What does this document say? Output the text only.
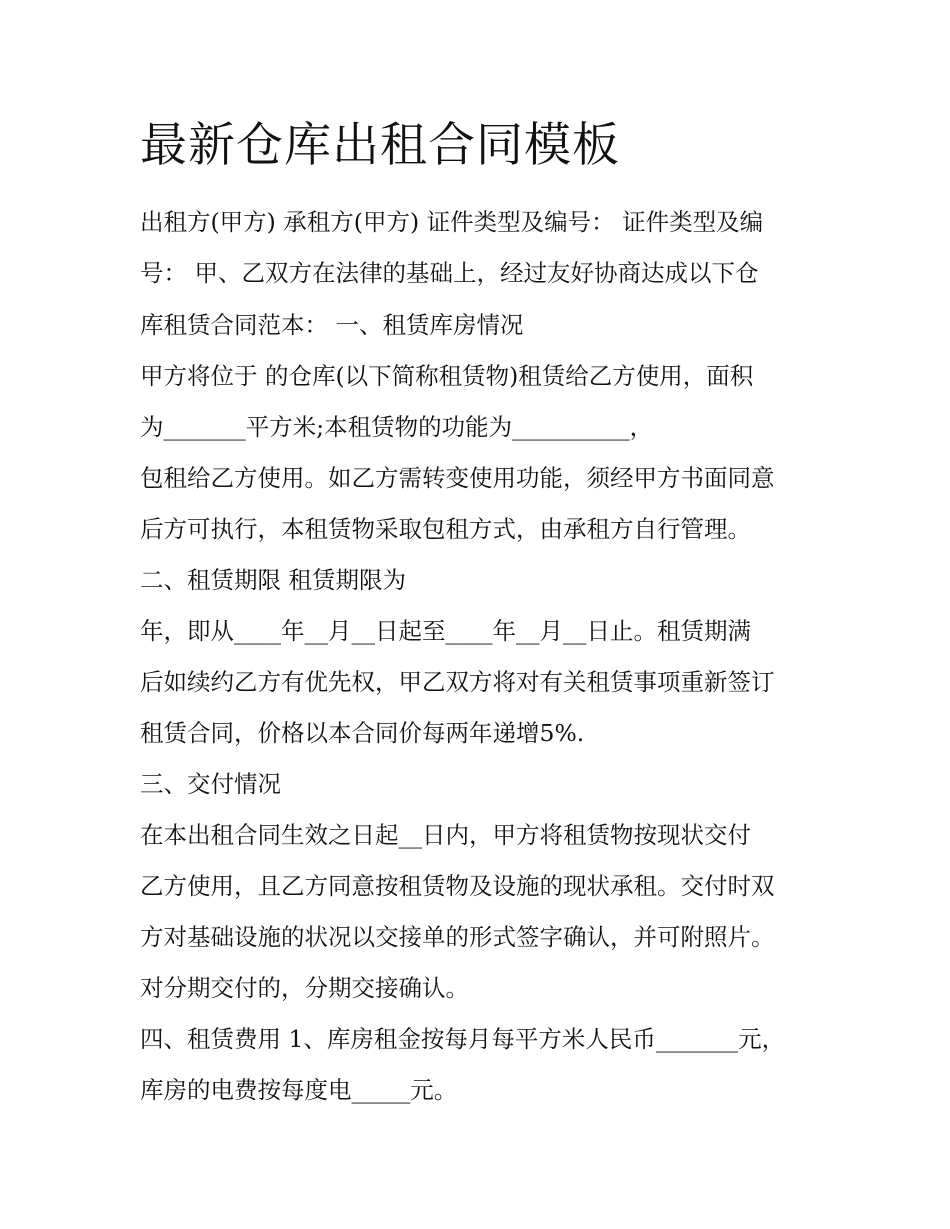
最新仓库出租合同模板
出租方(甲方) 承租方(甲方) 证件类型及编号： 证件类型及编
号： 甲、乙双方在法律的基础上，经过友好协商达成以下仓
库租赁合同范本： 一、租赁库房情况
甲方将位于 的仓库(以下简称租赁物)租赁给乙方使用，面积
为_______平方米;本租赁物的功能为__________，
包租给乙方使用。如乙方需转变使用功能，须经甲方书面同意
后方可执行，本租赁物采取包租方式，由承租方自行管理。
二、租赁期限 租赁期限为
年，即从____年__月__日起至____年__月__日止。租赁期满
后如续约乙方有优先权，甲乙双方将对有关租赁事项重新签订
租赁合同，价格以本合同价每两年递增5%.
三、交付情况
在本出租合同生效之日起__日内，甲方将租赁物按现状交付
乙方使用，且乙方同意按租赁物及设施的现状承租。交付时双
方对基础设施的状况以交接单的形式签字确认，并可附照片。
对分期交付的，分期交接确认。
四、租赁费用 1、库房租金按每月每平方米人民币_______元，
库房的电费按每度电_____元。
